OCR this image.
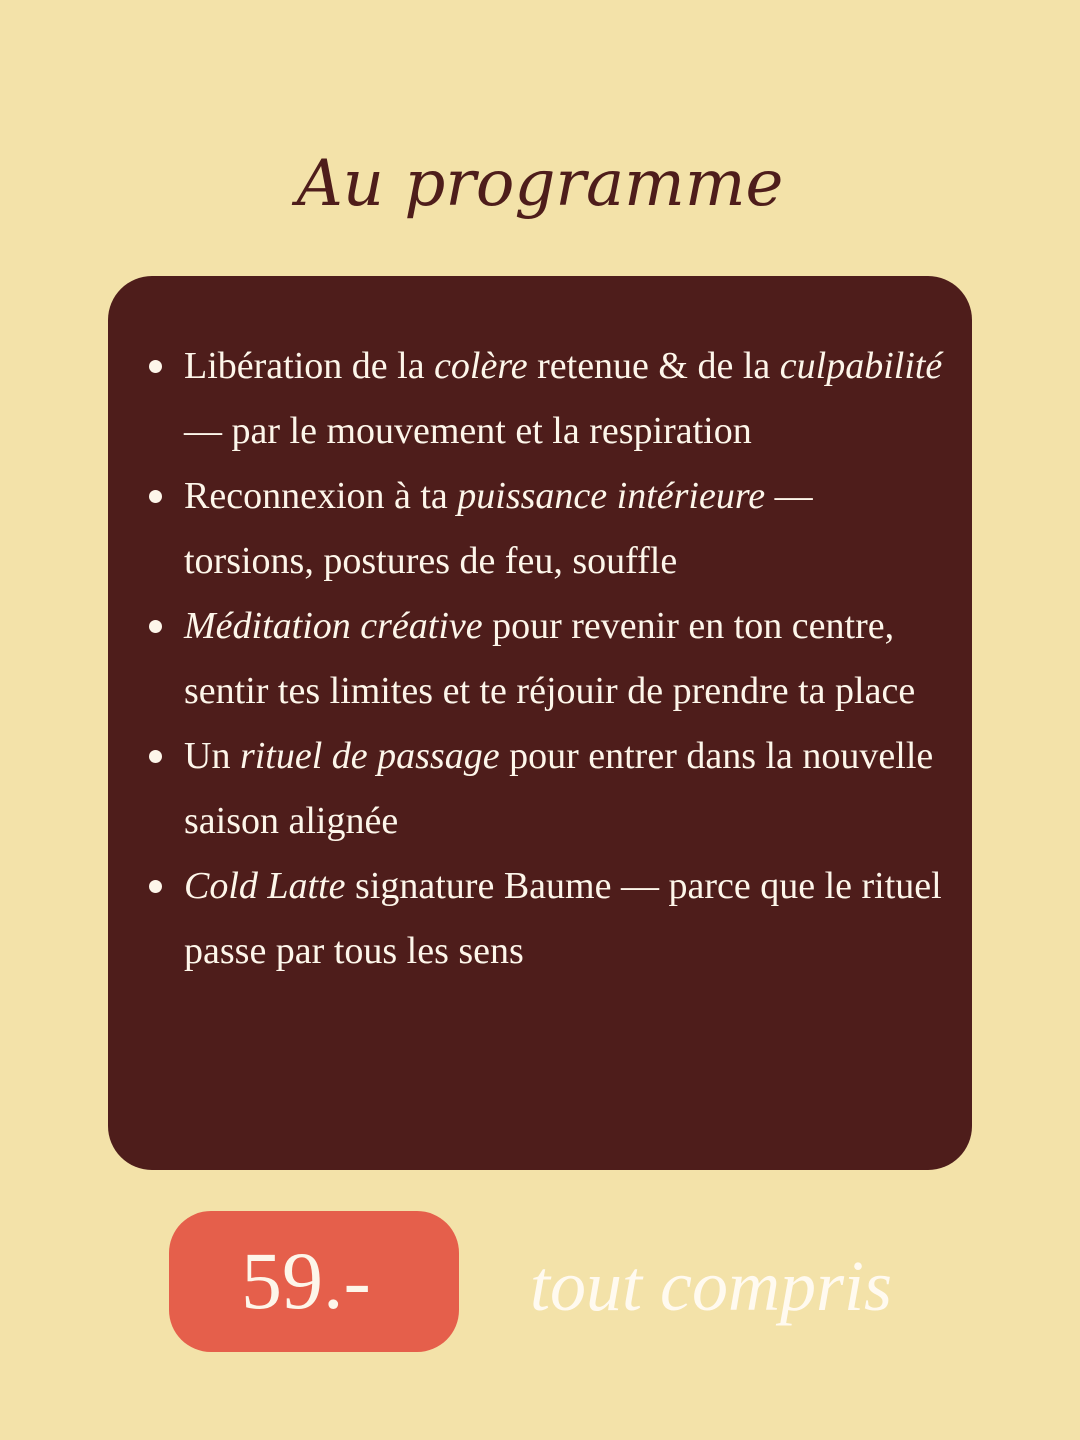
Au programme
Libération de la colère retenue & de la culpabilité — par le mouvement et la respiration
Reconnexion à ta puissance intérieure — torsions, postures de feu, souffle
Méditation créative pour revenir en ton centre, sentir tes limites et te réjouir de prendre ta place
Un rituel de passage pour entrer dans la nouvelle saison alignée
Cold Latte signature Baume — parce que le rituel passe par tous les sens
59.- tout compris
